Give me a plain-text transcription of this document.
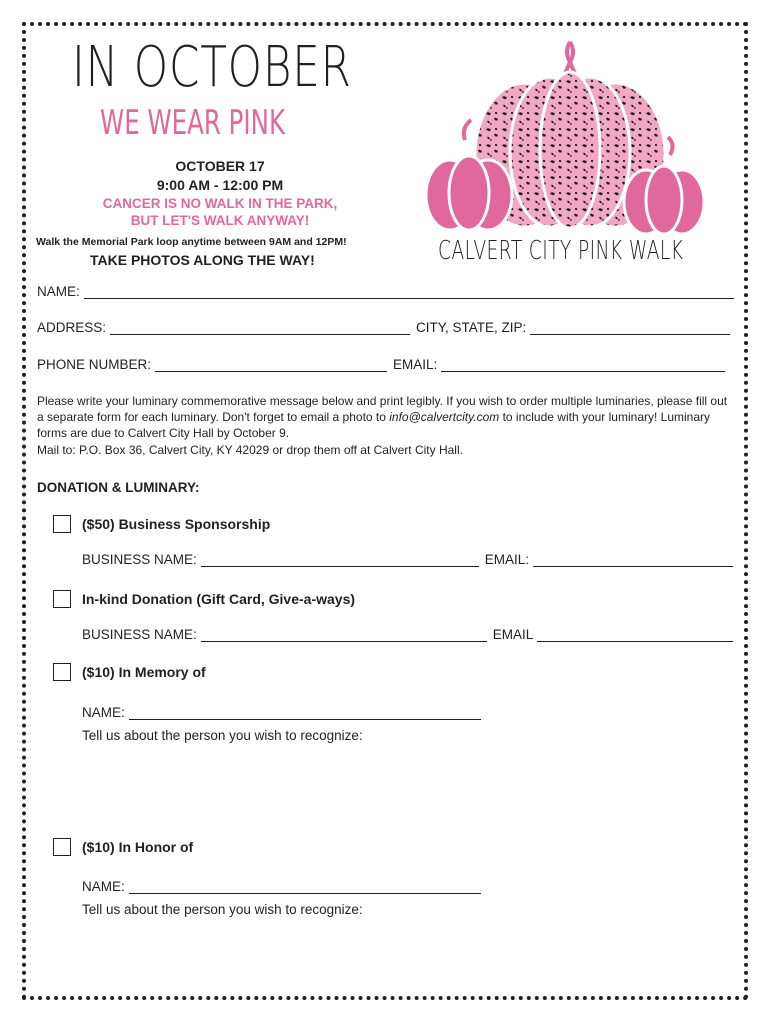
IN OCTOBER
WE WEAR PINK
OCTOBER 17
9:00 AM - 12:00 PM
CANCER IS NO WALK IN THE PARK,
BUT LET'S WALK ANYWAY!
Walk the Memorial Park loop anytime between 9AM and 12PM!
TAKE PHOTOS ALONG THE WAY!	CALVERT CITY PINK WALK
NAME:
ADDRESS:	CITY, STATE, ZIP:
PHONE NUMBER:	EMAIL:
Please write your luminary commemorative message below and print legibly. If you wish to order multiple luminaries, please fill out a separate form for each luminary. Don't forget to email a photo to info@calvertcity.com to include with your luminary! Luminary forms are due to Calvert City Hall by October 9.
Mail to: P.O. Box 36, Calvert City, KY 42029 or drop them off at Calvert City Hall.
DONATION & LUMINARY:
($50) Business Sponsorship
BUSINESS NAME:	EMAIL:
In-kind Donation (Gift Card, Give-a-ways)
BUSINESS NAME:	EMAIL
($10) In Memory of
NAME:
Tell us about the person you wish to recognize:
($10) In Honor of
NAME:
Tell us about the person you wish to recognize:
